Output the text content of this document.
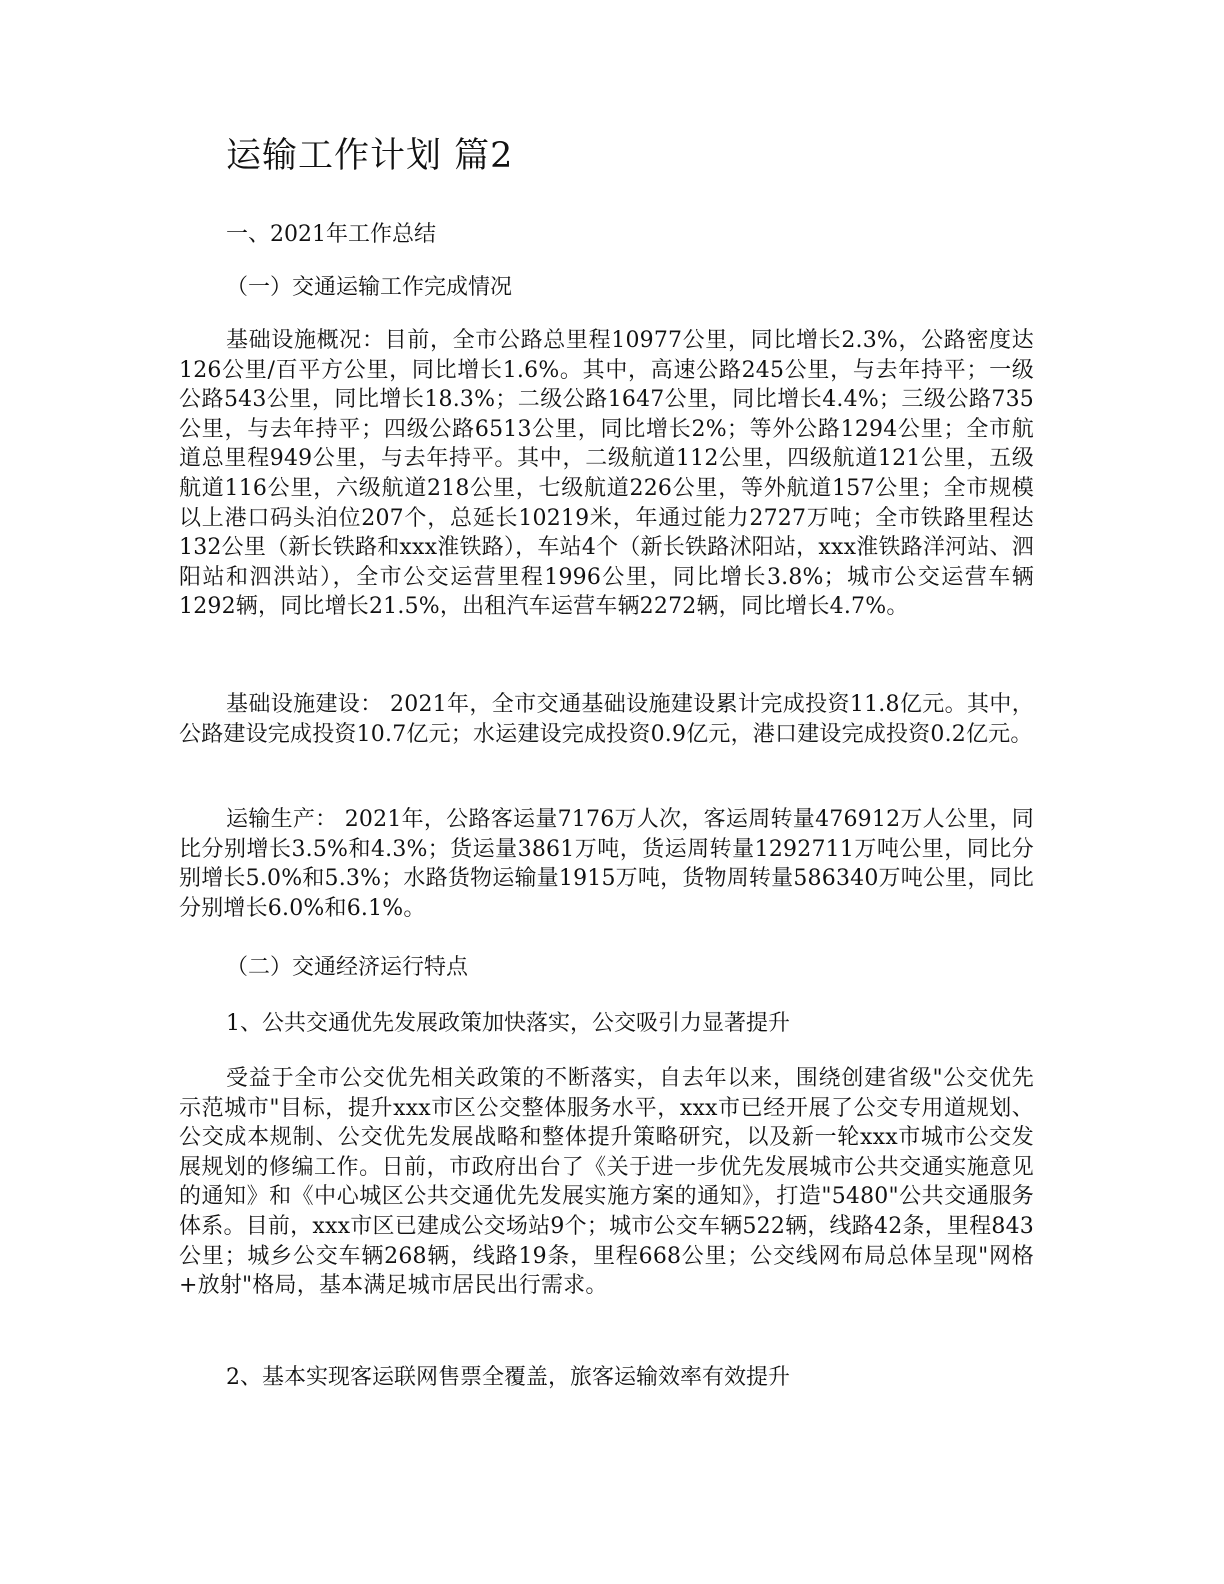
运输工作计划 篇2

一、2021年工作总结

（一）交通运输工作完成情况

基础设施概况：目前，全市公路总里程10977公里，同比增长2.3%，公路密度达126公里/百平方公里，同比增长1.6%。其中，高速公路245公里，与去年持平；一级公路543公里，同比增长18.3%；二级公路1647公里，同比增长4.4%；三级公路735公里，与去年持平；四级公路6513公里，同比增长2%；等外公路1294公里；全市航道总里程949公里，与去年持平。其中，二级航道112公里，四级航道121公里，五级航道116公里，六级航道218公里，七级航道226公里，等外航道157公里；全市规模以上港口码头泊位207个，总延长10219米，年通过能力2727万吨；全市铁路里程达132公里（新长铁路和xxx淮铁路），车站4个（新长铁路沭阳站，xxx淮铁路洋河站、泗阳站和泗洪站），全市公交运营里程1996公里，同比增长3.8%；城市公交运营车辆1292辆，同比增长21.5%，出租汽车运营车辆2272辆，同比增长4.7%。

基础设施建设： 2021年，全市交通基础设施建设累计完成投资11.8亿元。其中，公路建设完成投资10.7亿元；水运建设完成投资0.9亿元，港口建设完成投资0.2亿元。

运输生产： 2021年，公路客运量7176万人次，客运周转量476912万人公里，同比分别增长3.5%和4.3%；货运量3861万吨，货运周转量1292711万吨公里，同比分别增长5.0%和5.3%；水路货物运输量1915万吨，货物周转量586340万吨公里，同比分别增长6.0%和6.1%。

（二）交通经济运行特点

1、公共交通优先发展政策加快落实，公交吸引力显著提升

受益于全市公交优先相关政策的不断落实，自去年以来，围绕创建省级"公交优先示范城市"目标，提升xxx市区公交整体服务水平，xxx市已经开展了公交专用道规划、公交成本规制、公交优先发展战略和整体提升策略研究，以及新一轮xxx市城市公交发展规划的修编工作。日前，市政府出台了《关于进一步优先发展城市公共交通实施意见的通知》和《中心城区公共交通优先发展实施方案的通知》，打造"5480"公共交通服务体系。目前，xxx市区已建成公交场站9个；城市公交车辆522辆，线路42条，里程843公里；城乡公交车辆268辆，线路19条，里程668公里；公交线网布局总体呈现"网格+放射"格局，基本满足城市居民出行需求。

2、基本实现客运联网售票全覆盖，旅客运输效率有效提升
